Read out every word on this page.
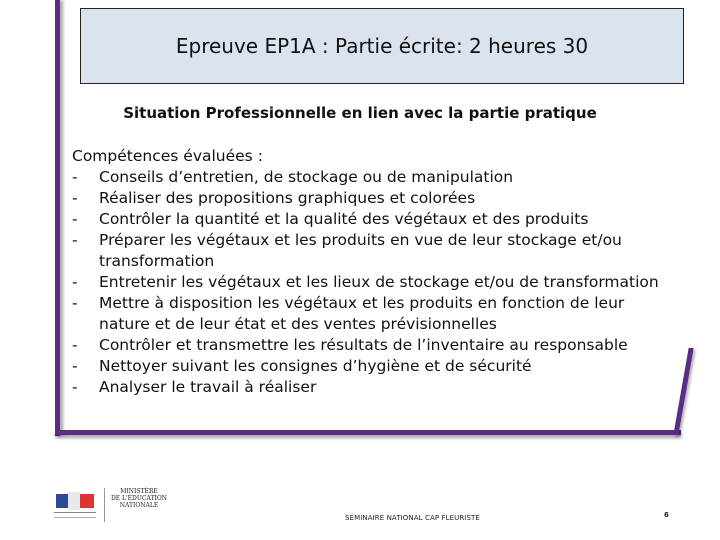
Epreuve EP1A : Partie écrite: 2 heures 30
Situation Professionnelle en lien avec la partie pratique

Compétences évaluées :

- Conseils d’entretien, de stockage ou de manipulation
- Réaliser des propositions graphiques et colorées
- Contrôler la quantité et la qualité des végétaux et des produits
- Préparer les végétaux et les produits en vue de leur stockage et/ou transformation
- Entretenir les végétaux et les lieux de stockage et/ou de transformation
- Mettre à disposition les végétaux et les produits en fonction de leur nature et de leur état et des ventes prévisionnelles
- Contrôler et transmettre les résultats de l’inventaire au responsable
- Nettoyer suivant les consignes d’hygiène et de sécurité
- Analyser le travail à réaliser
MINISTÈRE
DE L'ÉDUCATION
NATIONALE
SÉMINAIRE NATIONAL CAP FLEURISTE	6
